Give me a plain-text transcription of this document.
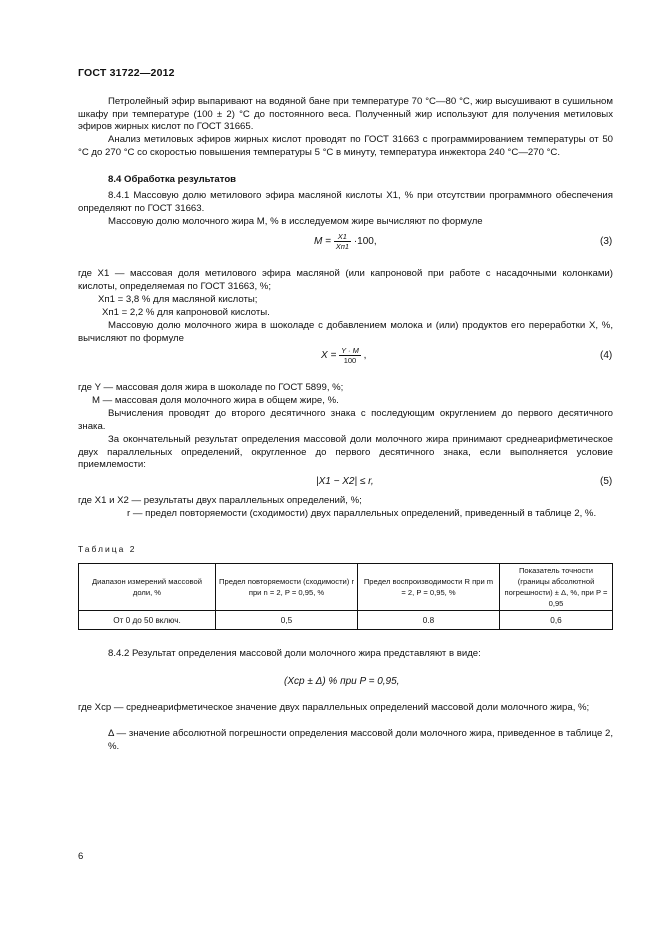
ГОСТ 31722—2012
Петролейный эфир выпаривают на водяной бане при температуре 70 °С—80 °С, жир высушивают в сушильном шкафу при температуре (100 ± 2) °С до постоянного веса. Полученный жир используют для получения метиловых эфиров жирных кислот по ГОСТ 31665.
Анализ метиловых эфиров жирных кислот проводят по ГОСТ 31663 с программированием температуры от 50 °С до 270 °С со скоростью повышения температуры 5 °С в минуту, температура инжектора 240 °С—270 °С.
8.4 Обработка результатов
8.4.1 Массовую долю метилового эфира масляной кислоты X1, % при отсутствии программного обеспечения определяют по ГОСТ 31663.
Массовую долю молочного жира M, % в исследуемом жире вычисляют по формуле
$M = \frac{X1}{Xп1} \cdot 100$,	(3)
где X1 — массовая доля метилового эфира масляной (или капроновой при работе с насадочными колонками) кислоты, определяемая по ГОСТ 31663, %;
Xп1 = 3,8 % для масляной кислоты;
Xп1 = 2,2 % для капроновой кислоты.
Массовую долю молочного жира в шоколаде с добавлением молока и (или) продуктов его переработки X, %, вычисляют по формуле
$X = \frac{Y \cdot M}{100}$ ,	(4)
где Y — массовая доля жира в шоколаде по ГОСТ 5899, %;
M — массовая доля молочного жира в общем жире, %.
Вычисления проводят до второго десятичного знака с последующим округлением до первого десятичного знака.
За окончательный результат определения массовой доли молочного жира принимают среднеарифметическое двух параллельных определений, округленное до первого десятичного знака, если выполняется условие приемлемости:
|X1 − X2| ≤ r,	(5)
где X1 и X2 — результаты двух параллельных определений, %;
r — предел повторяемости (сходимости) двух параллельных определений, приведенный в таблице 2, %.
Таблица 2
Диапазон измерений массовой доли, %	Предел повторяемости (сходимости) r при n = 2, P = 0,95, %	Предел воспроизводимости R при m = 2, P = 0,95, %	Показатель точности (границы абсолютной погрешности) ± Δ, %, при P = 0,95
От 0 до 50 включ.	0,5	0.8	0,6
8.4.2 Результат определения массовой доли молочного жира представляют в виде:
(Xср ± Δ) % при P = 0,95,
где Xср — среднеарифметическое значение двух параллельных определений массовой доли молочного жира, %;
Δ — значение абсолютной погрешности определения массовой доли молочного жира, приведенное в таблице 2, %.
6
